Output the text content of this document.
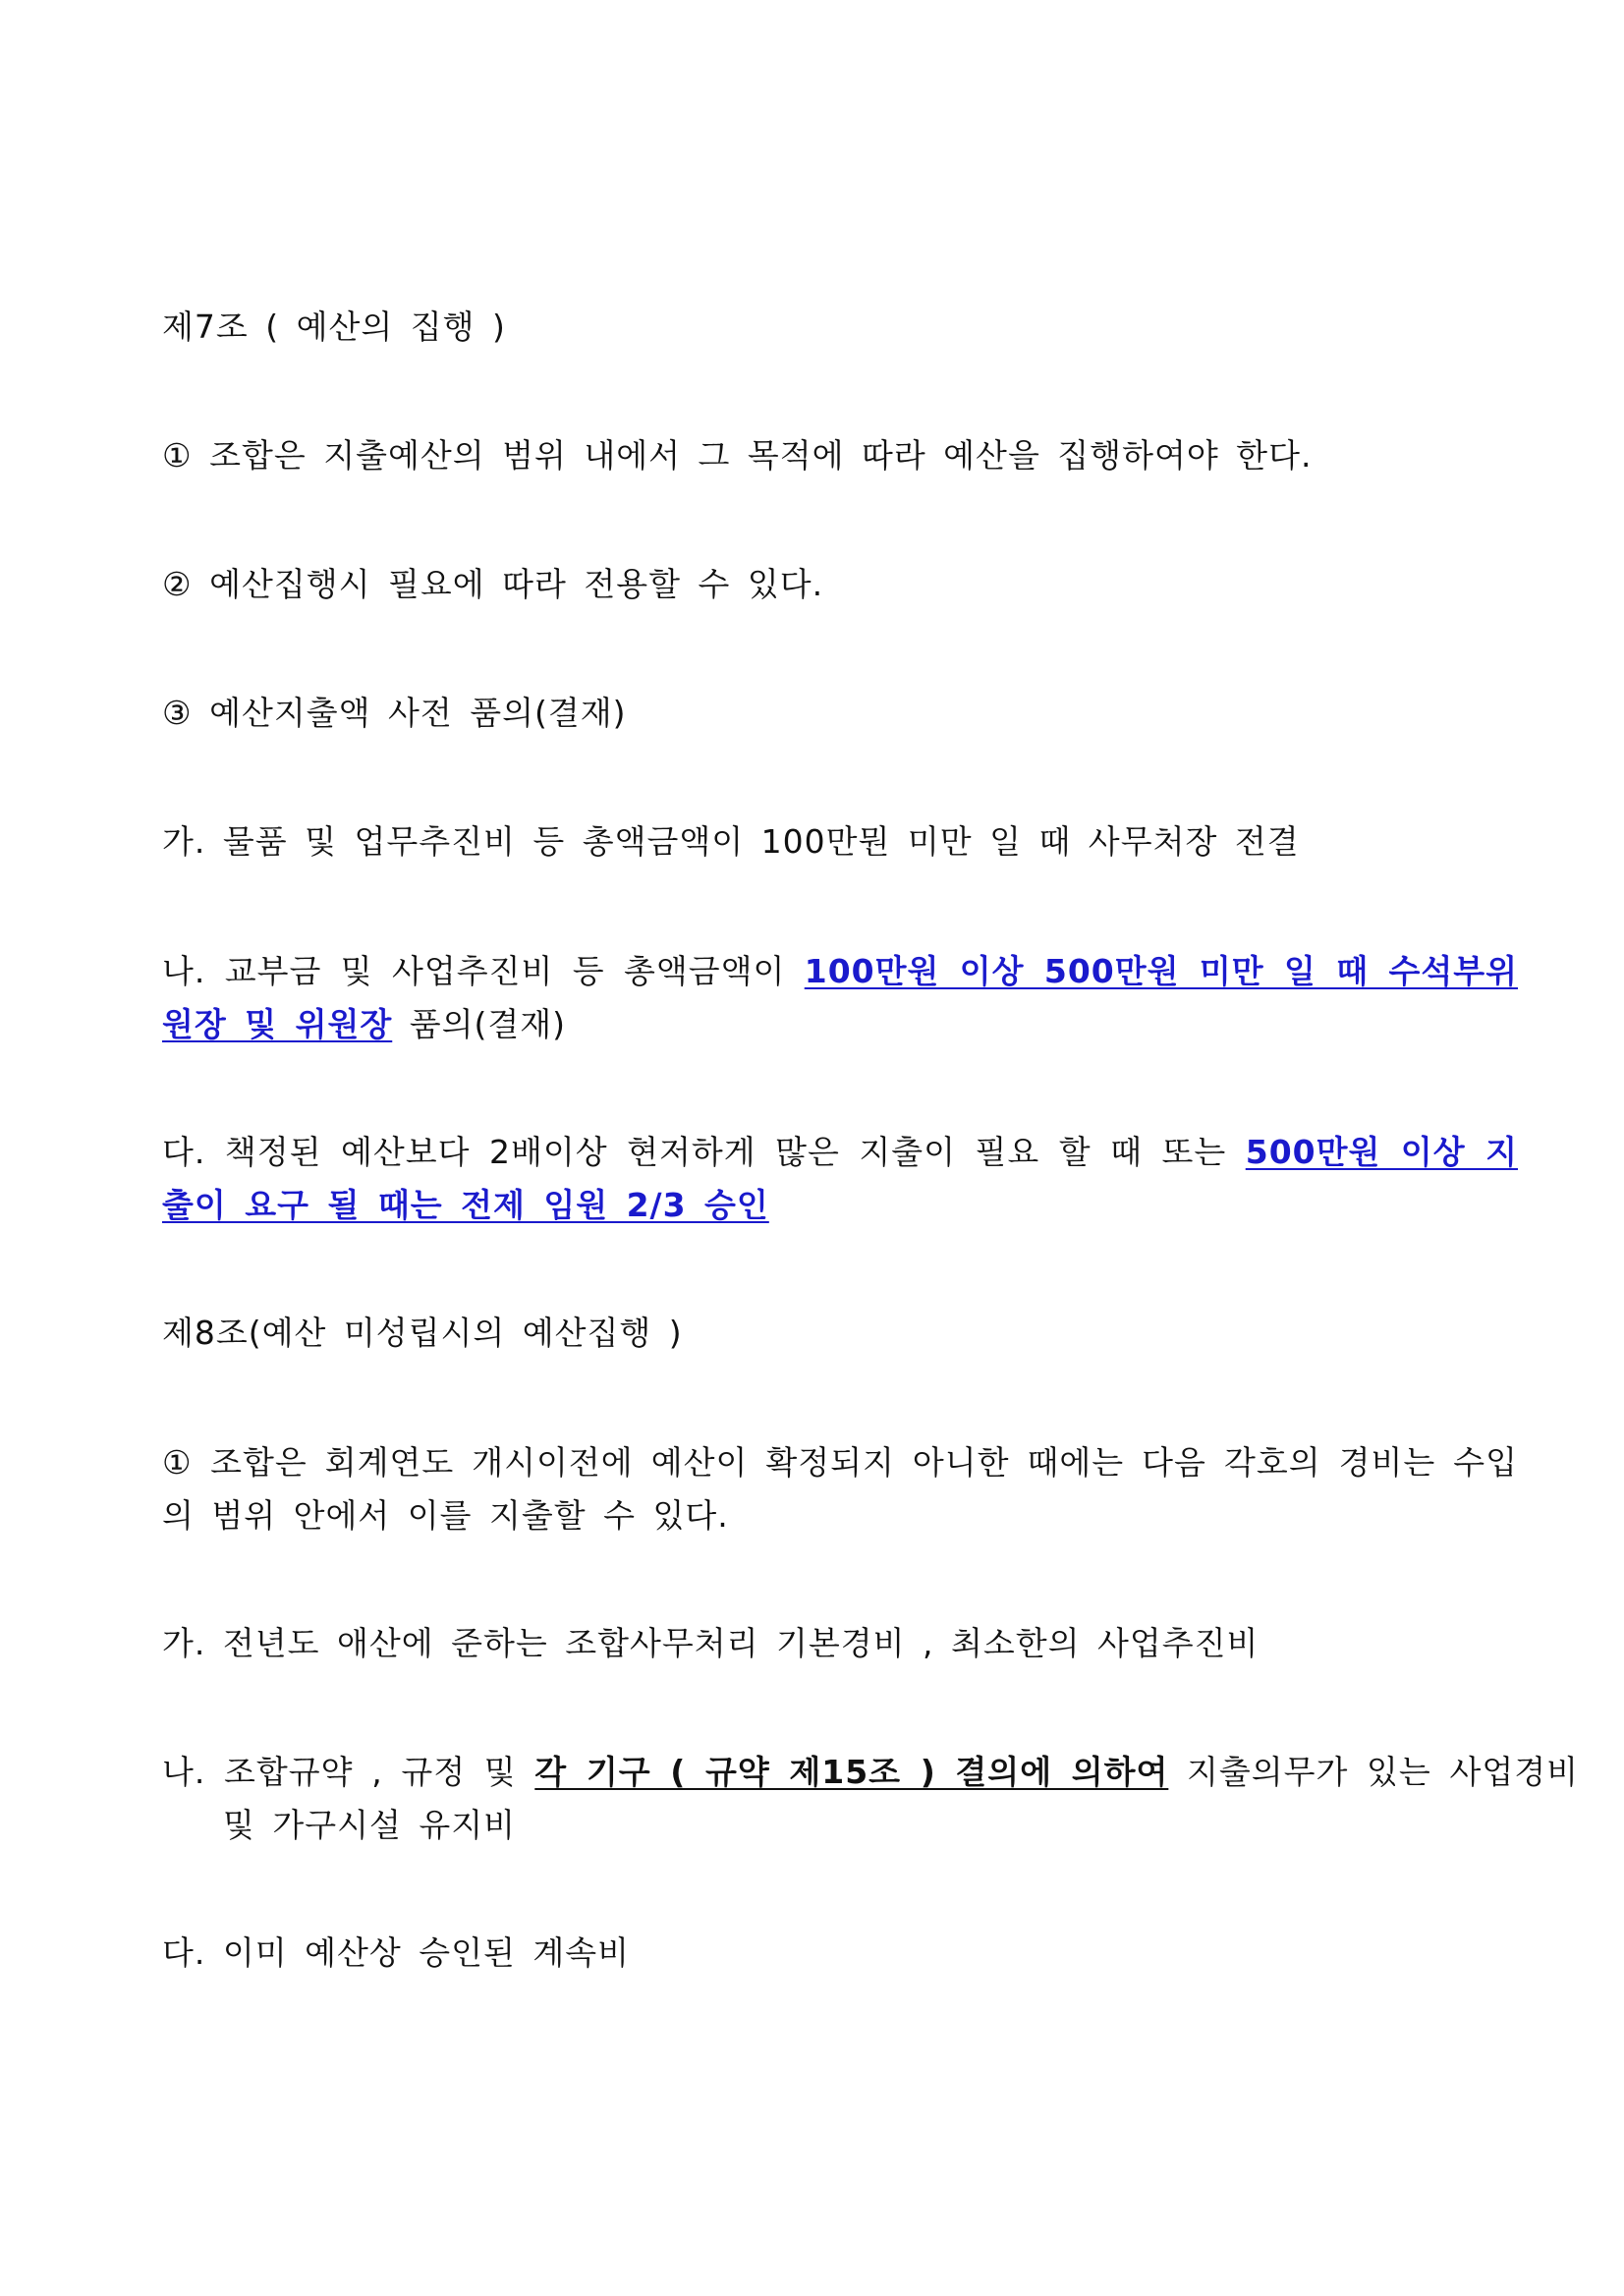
제7조 ( 예산의 집행 )

① 조합은 지출예산의 범위 내에서 그 목적에 따라 예산을 집행하여야 한다.

② 예산집행시 필요에 따라 전용할 수 있다.

③ 예산지출액 사전 품의(결재)

가. 물품 및 업무추진비 등 총액금액이 100만뭔 미만 일 때 사무처장 전결

나. 교부금 및 사업추진비 등 총액금액이 100만원 이상 500만원 미만 일 때 수석부위원장 및 위원장 품의(결재)

다. 책정된 예산보다 2배이상 현저하게 많은 지출이 필요 할 때 또는 500만원 이상 지출이 요구 될 때는 전제 임원 2/3 승인

제8조(예산 미성립시의 예산집행 )

① 조합은 회계연도 개시이전에 예산이 확정되지 아니한 때에는 다음 각호의 경비는 수입의 범위 안에서 이를 지출할 수 있다.

가. 전년도 애산에 준하는 조합사무처리 기본경비 , 최소한의 사업추진비

나. 조합규약 , 규정 및 각 기구 ( 규약 제15조 ) 결의에 의하여 지출의무가 있는 사업경비 및 가구시설 유지비

다. 이미 예산상 승인된 계속비
